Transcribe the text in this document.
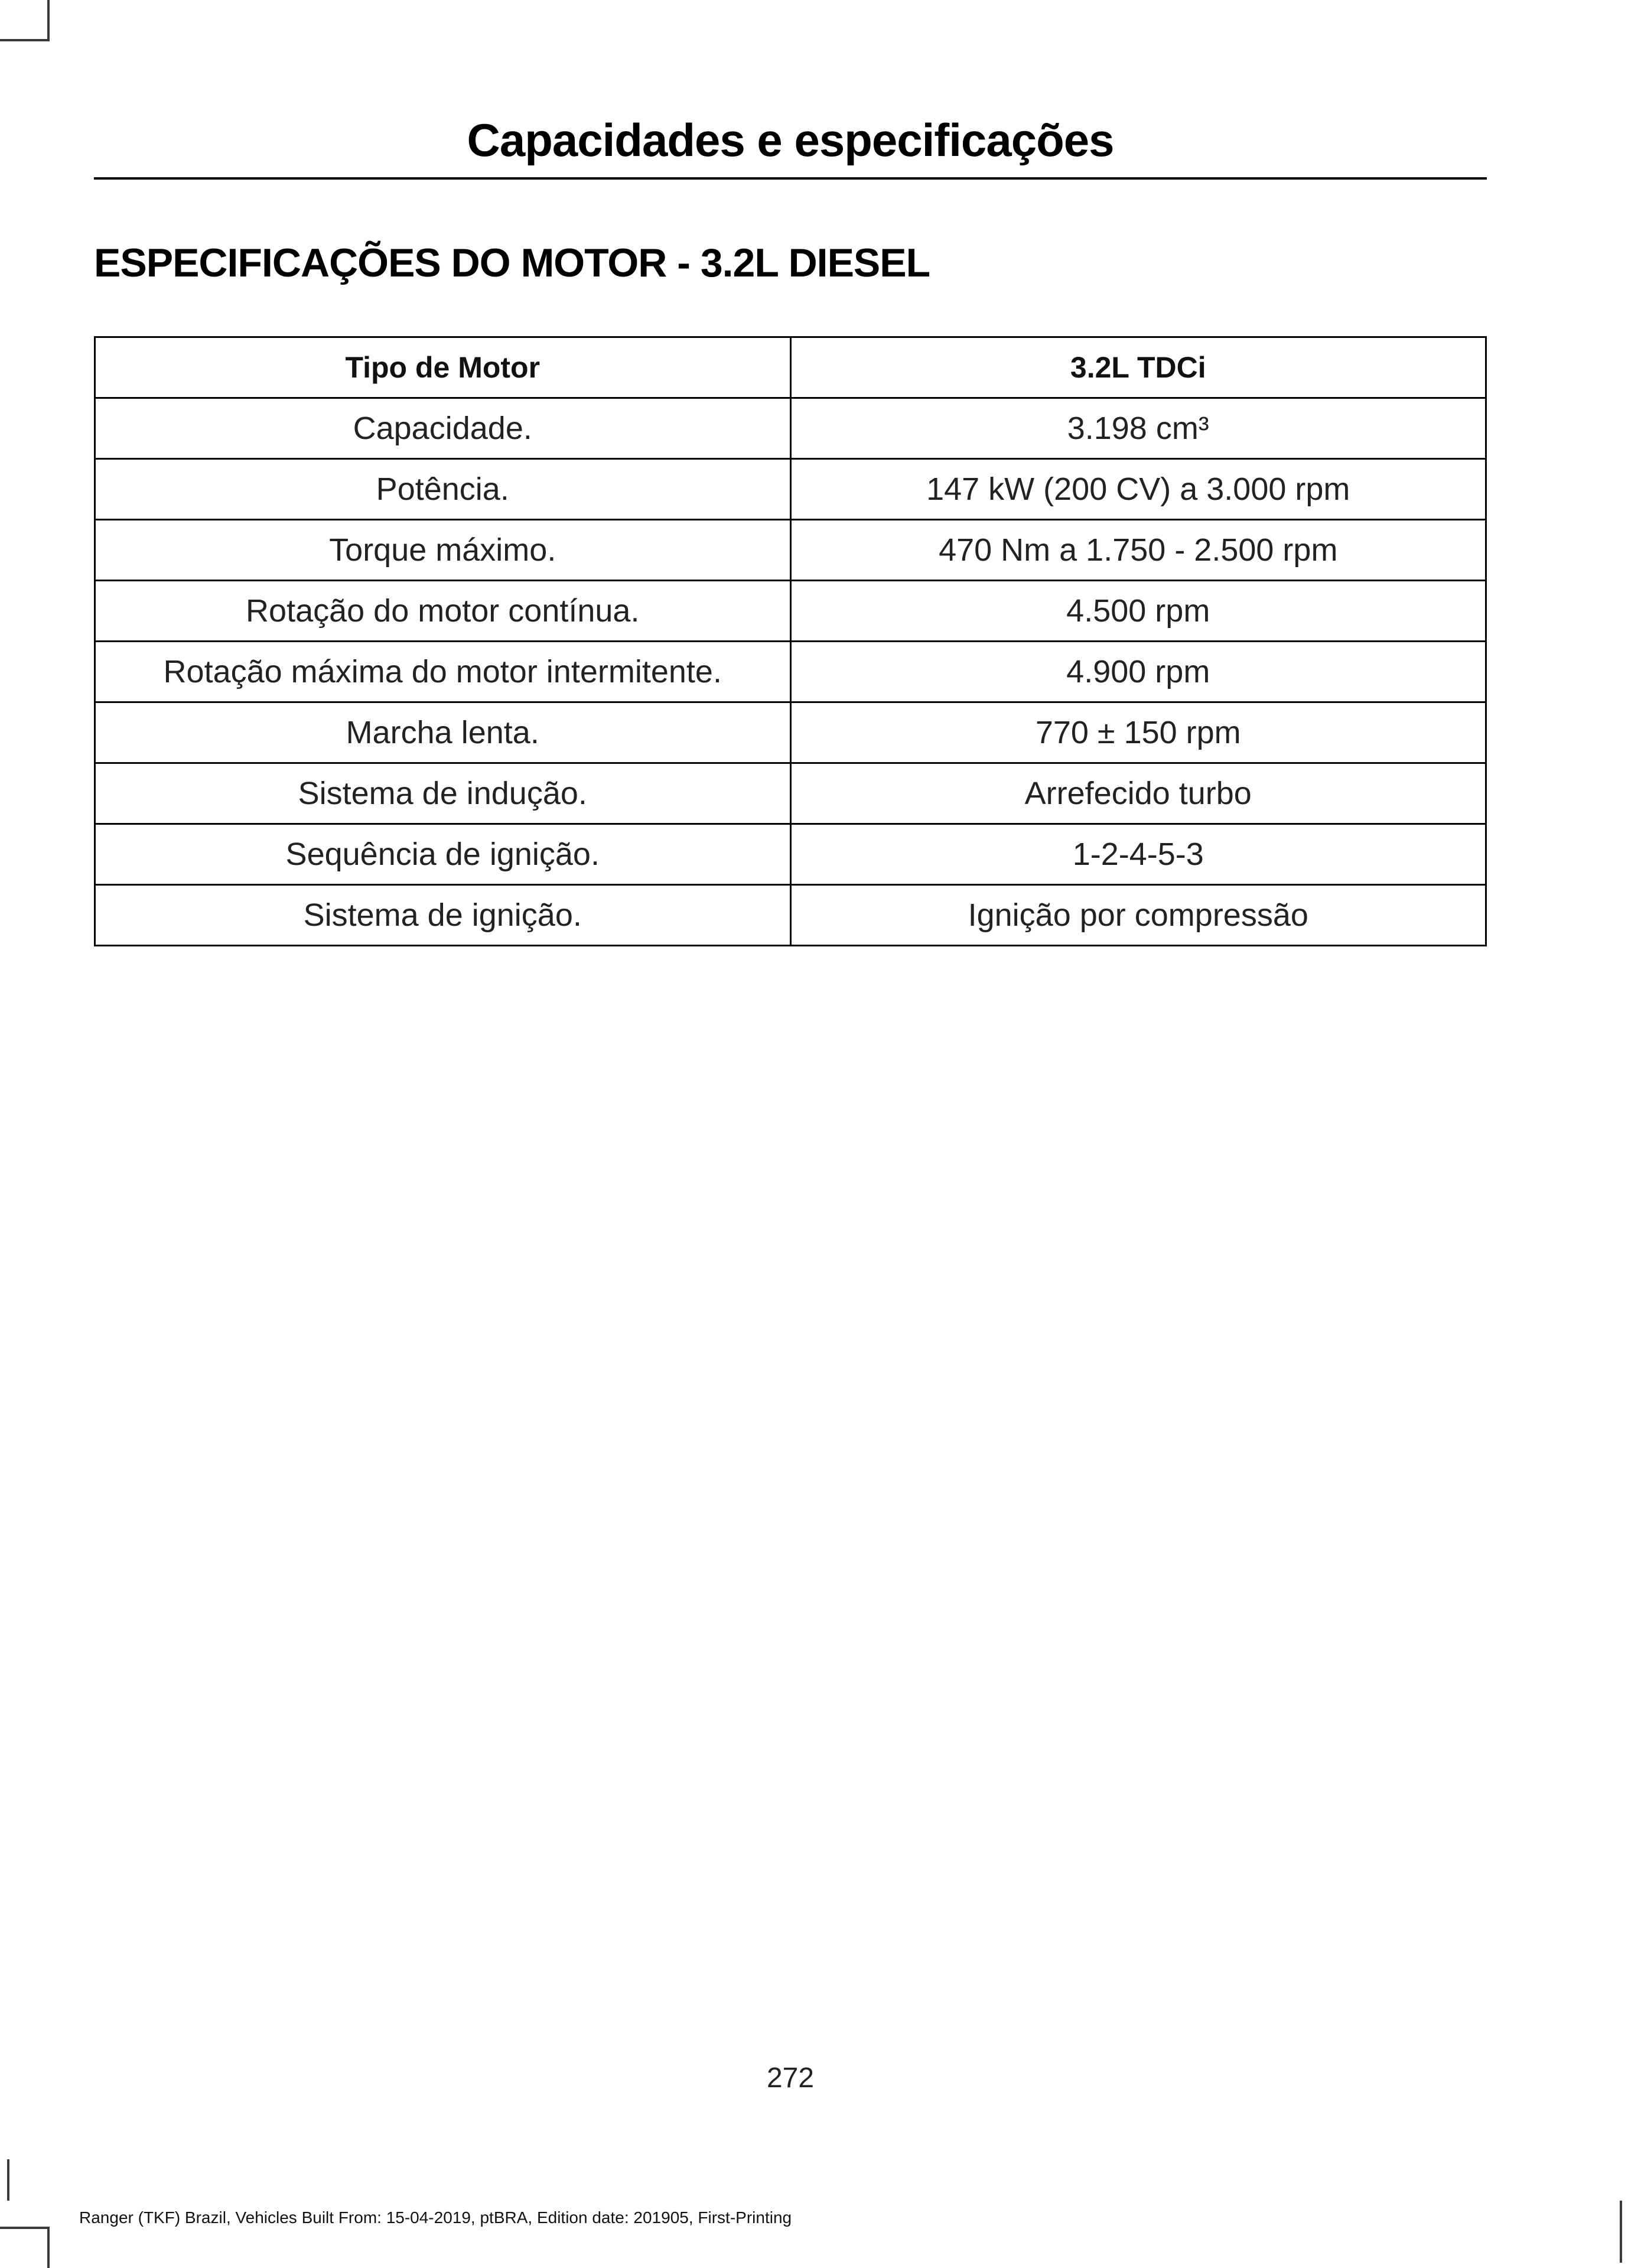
Capacidades e especificações
ESPECIFICAÇÕES DO MOTOR - 3.2L DIESEL
Tipo de Motor	3.2L TDCi
Capacidade.	3.198 cm³
Potência.	147 kW (200 CV) a 3.000 rpm
Torque máximo.	470 Nm a 1.750 - 2.500 rpm
Rotação do motor contínua.	4.500 rpm
Rotação máxima do motor intermitente.	4.900 rpm
Marcha lenta.	770 ± 150 rpm
Sistema de indução.	Arrefecido turbo
Sequência de ignição.	1-2-4-5-3
Sistema de ignição.	Ignição por compressão
272
Ranger (TKF) Brazil, Vehicles Built From: 15-04-2019, ptBRA, Edition date: 201905, First-Printing
